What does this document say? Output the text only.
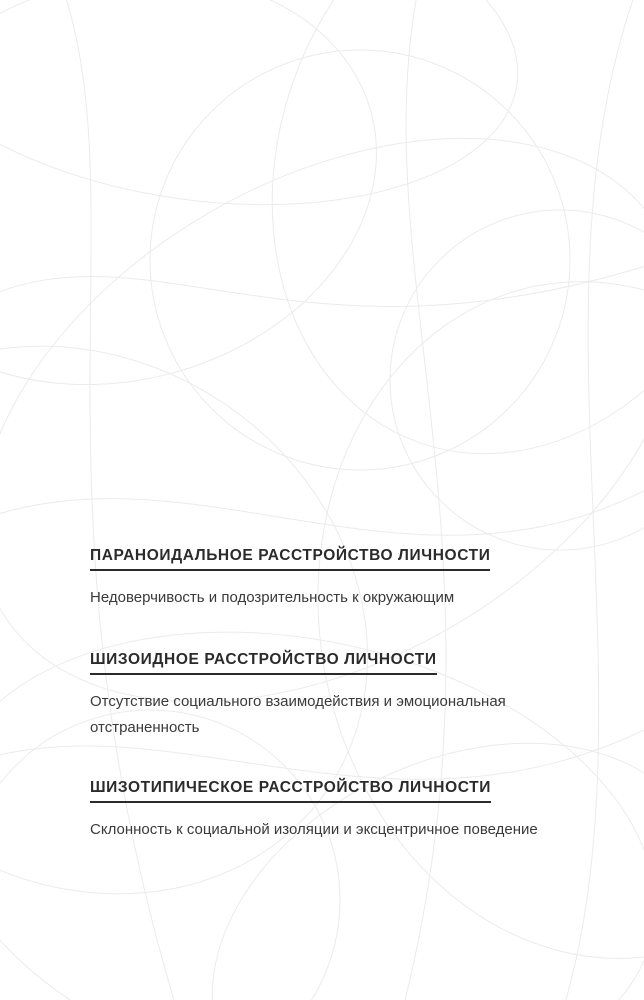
ПАРАНОИДАЛЬНОЕ РАССТРОЙСТВО ЛИЧНОСТИ
Недоверчивость и подозрительность к окружающим
ШИЗОИДНОЕ РАССТРОЙСТВО ЛИЧНОСТИ
Отсутствие социального взаимодействия и эмоциональная отстраненность
ШИЗОТИПИЧЕСКОЕ РАССТРОЙСТВО ЛИЧНОСТИ
Склонность к социальной изоляции и эксцентричное поведение
